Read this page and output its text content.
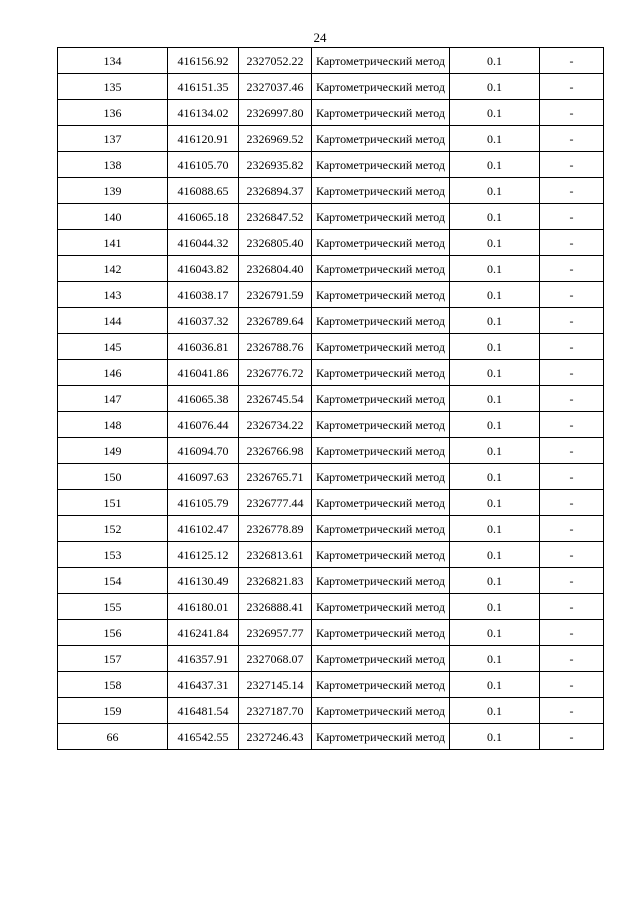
24
134	416156.92	2327052.22	Картометрический метод	0.1	-
135	416151.35	2327037.46	Картометрический метод	0.1	-
136	416134.02	2326997.80	Картометрический метод	0.1	-
137	416120.91	2326969.52	Картометрический метод	0.1	-
138	416105.70	2326935.82	Картометрический метод	0.1	-
139	416088.65	2326894.37	Картометрический метод	0.1	-
140	416065.18	2326847.52	Картометрический метод	0.1	-
141	416044.32	2326805.40	Картометрический метод	0.1	-
142	416043.82	2326804.40	Картометрический метод	0.1	-
143	416038.17	2326791.59	Картометрический метод	0.1	-
144	416037.32	2326789.64	Картометрический метод	0.1	-
145	416036.81	2326788.76	Картометрический метод	0.1	-
146	416041.86	2326776.72	Картометрический метод	0.1	-
147	416065.38	2326745.54	Картометрический метод	0.1	-
148	416076.44	2326734.22	Картометрический метод	0.1	-
149	416094.70	2326766.98	Картометрический метод	0.1	-
150	416097.63	2326765.71	Картометрический метод	0.1	-
151	416105.79	2326777.44	Картометрический метод	0.1	-
152	416102.47	2326778.89	Картометрический метод	0.1	-
153	416125.12	2326813.61	Картометрический метод	0.1	-
154	416130.49	2326821.83	Картометрический метод	0.1	-
155	416180.01	2326888.41	Картометрический метод	0.1	-
156	416241.84	2326957.77	Картометрический метод	0.1	-
157	416357.91	2327068.07	Картометрический метод	0.1	-
158	416437.31	2327145.14	Картометрический метод	0.1	-
159	416481.54	2327187.70	Картометрический метод	0.1	-
66	416542.55	2327246.43	Картометрический метод	0.1	-
